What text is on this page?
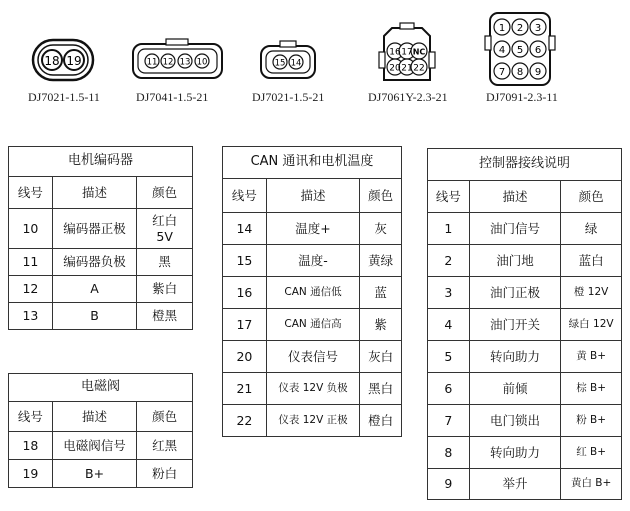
18 19
DJ7021-1.5-11
11 12 13 10
DJ7041-1.5-21
15 14
DJ7021-1.5-21
16 17 NC
20 21 22
DJ7061Y-2.3-21
1 2 3
4 5 6
7 8 9
DJ7091-2.3-11
电机编码器		
线号	描述	颜色
10	编码器正极	红白
5V
11	编码器负极	黑
12	A	紫白
13	B	橙黑
电磁阀		
线号	描述	颜色
18	电磁阀信号	红黑
19	B+	粉白
CAN 通讯和电机温度		
线号	描述	颜色
14	温度+	灰
15	温度-	黄绿
16	CAN 通信低	蓝
17	CAN 通信高	紫
20	仪表信号	灰白
21	仪表 12V 负极	黑白
22	仪表 12V 正极	橙白
控制器接线说明		
线号	描述	颜色
1	油门信号	绿
2	油门地	蓝白
3	油门正极	橙 12V
4	油门开关	绿白 12V
5	转向助力	黄 B+
6	前倾	棕 B+
7	电门锁出	粉 B+
8	转向助力	红 B+
9	举升	黄白 B+
